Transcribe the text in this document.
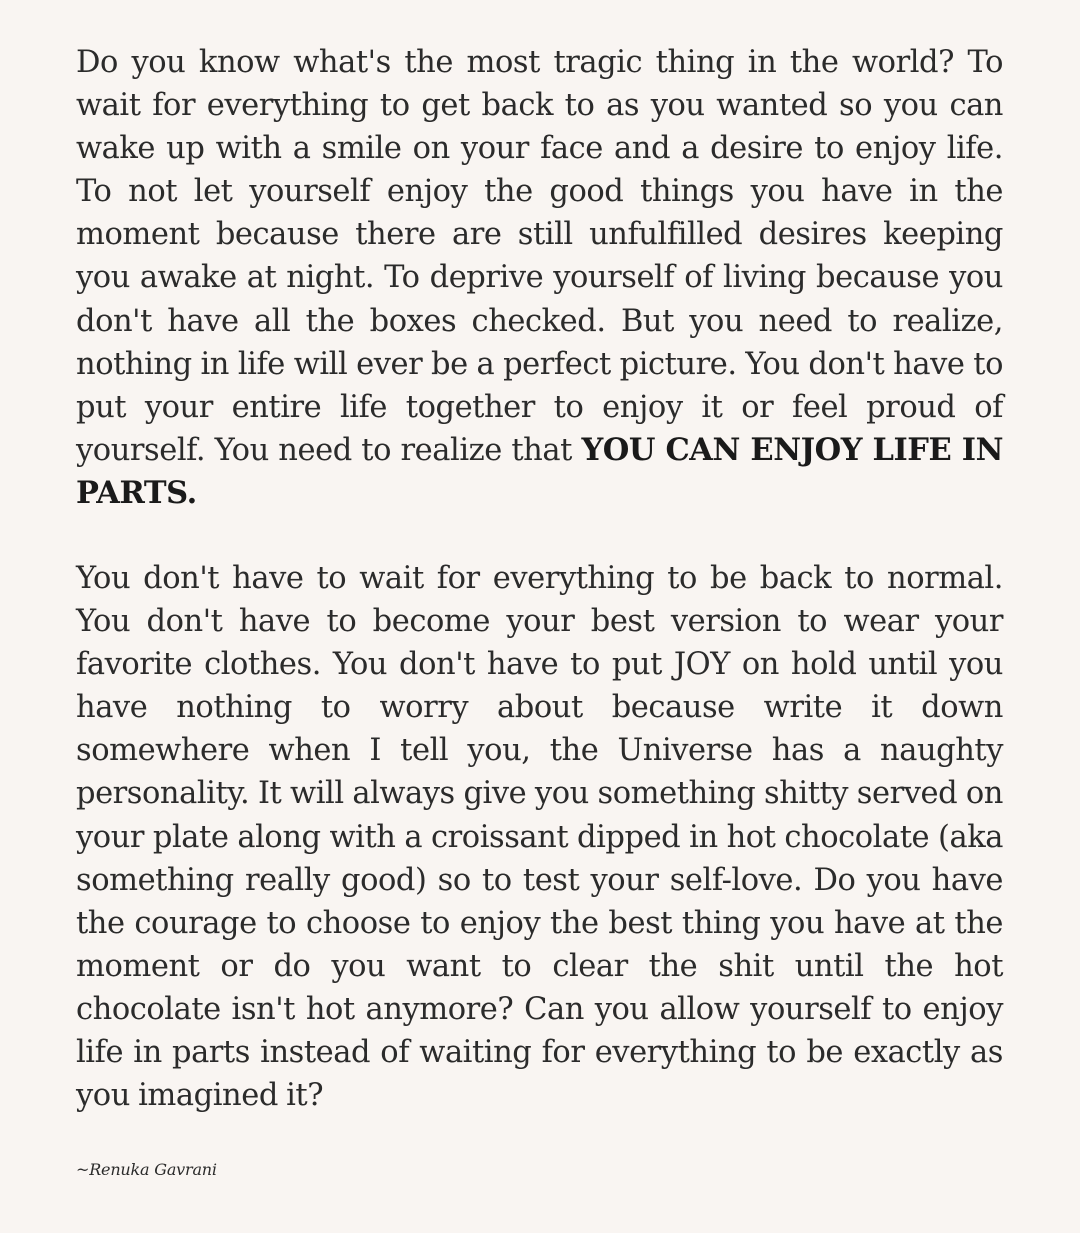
Do you know what's the most tragic thing in the world? To wait for everything to get back to as you wanted so you can wake up with a smile on your face and a desire to enjoy life. To not let yourself enjoy the good things you have in the moment because there are still unfulfilled desires keeping you awake at night. To deprive yourself of living because you don't have all the boxes checked. But you need to realize, nothing in life will ever be a perfect picture. You don't have to put your entire life together to enjoy it or feel proud of yourself. You need to realize that YOU CAN ENJOY LIFE IN PARTS.

You don't have to wait for everything to be back to normal. You don't have to become your best version to wear your favorite clothes. You don't have to put JOY on hold until you have nothing to worry about because write it down somewhere when I tell you, the Universe has a naughty personality. It will always give you something shitty served on your plate along with a croissant dipped in hot chocolate (aka something really good) so to test your self-love. Do you have the courage to choose to enjoy the best thing you have at the moment or do you want to clear the shit until the hot chocolate isn't hot anymore? Can you allow yourself to enjoy life in parts instead of waiting for everything to be exactly as you imagined it?

~Renuka Gavrani
